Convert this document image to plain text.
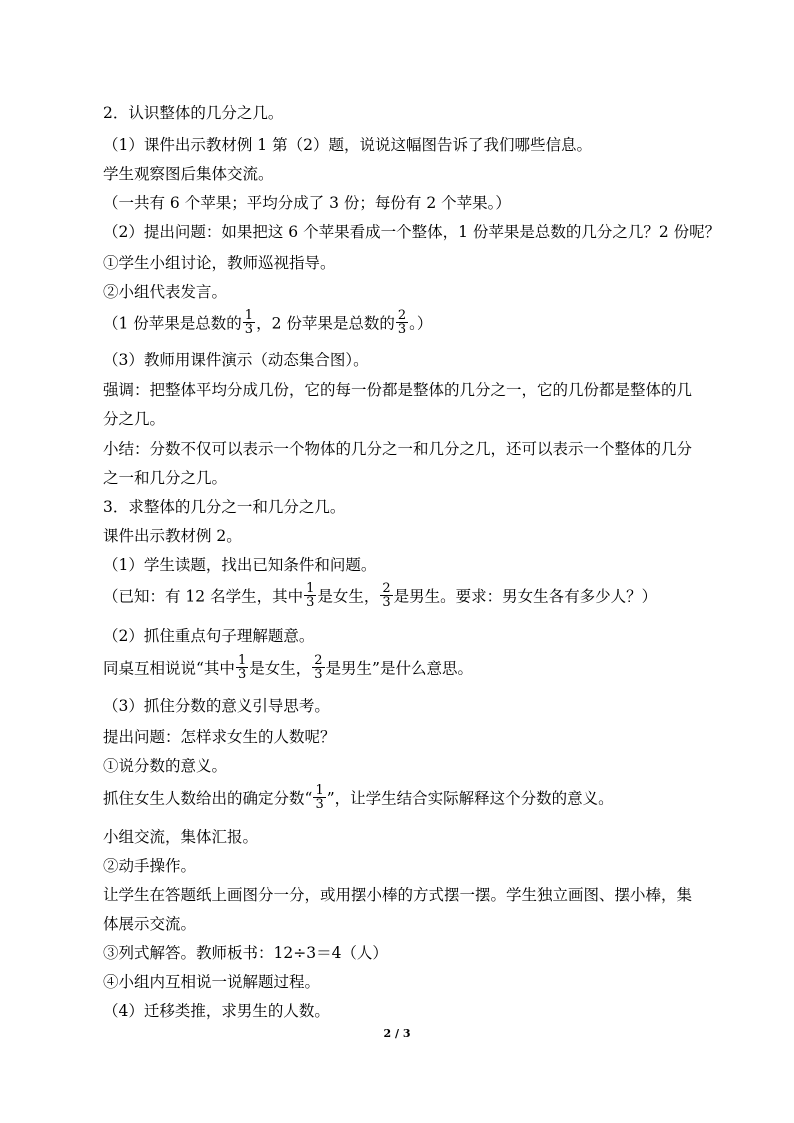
2．认识整体的几分之几。
（1）课件出示教材例 1 第（2）题，说说这幅图告诉了我们哪些信息。
学生观察图后集体交流。
（一共有 6 个苹果；平均分成了 3 份；每份有 2 个苹果。）
（2）提出问题：如果把这 6 个苹果看成一个整体，1 份苹果是总数的几分之几？2 份呢？
①学生小组讨论，教师巡视指导。
②小组代表发言。
（1 份苹果是总数的 $\frac{1}{3}$ ，2 份苹果是总数的 $\frac{2}{3}$ 。）
（3）教师用课件演示（动态集合图）。
强调：把整体平均分成几份，它的每一份都是整体的几分之一，它的几份都是整体的几
分之几。
小结：分数不仅可以表示一个物体的几分之一和几分之几，还可以表示一个整体的几分
之一和几分之几。
3．求整体的几分之一和几分之几。
课件出示教材例 2。
（1）学生读题，找出已知条件和问题。
（已知：有 12 名学生，其中 $\frac{1}{3}$ 是女生， $\frac{2}{3}$ 是男生。要求：男女生各有多少人？）
（2）抓住重点句子理解题意。
同桌互相说说“其中 $\frac{1}{3}$ 是女生， $\frac{2}{3}$ 是男生”是什么意思。
（3）抓住分数的意义引导思考。
提出问题：怎样求女生的人数呢？
①说分数的意义。
抓住女生人数给出的确定分数“ $\frac{1}{3}$ ”，让学生结合实际解释这个分数的意义。
小组交流，集体汇报。
②动手操作。
让学生在答题纸上画图分一分，或用摆小棒的方式摆一摆。学生独立画图、摆小棒，集
体展示交流。
③列式解答。教师板书：12÷3＝4（人）
④小组内互相说一说解题过程。
（4）迁移类推，求男生的人数。
2 / 3
